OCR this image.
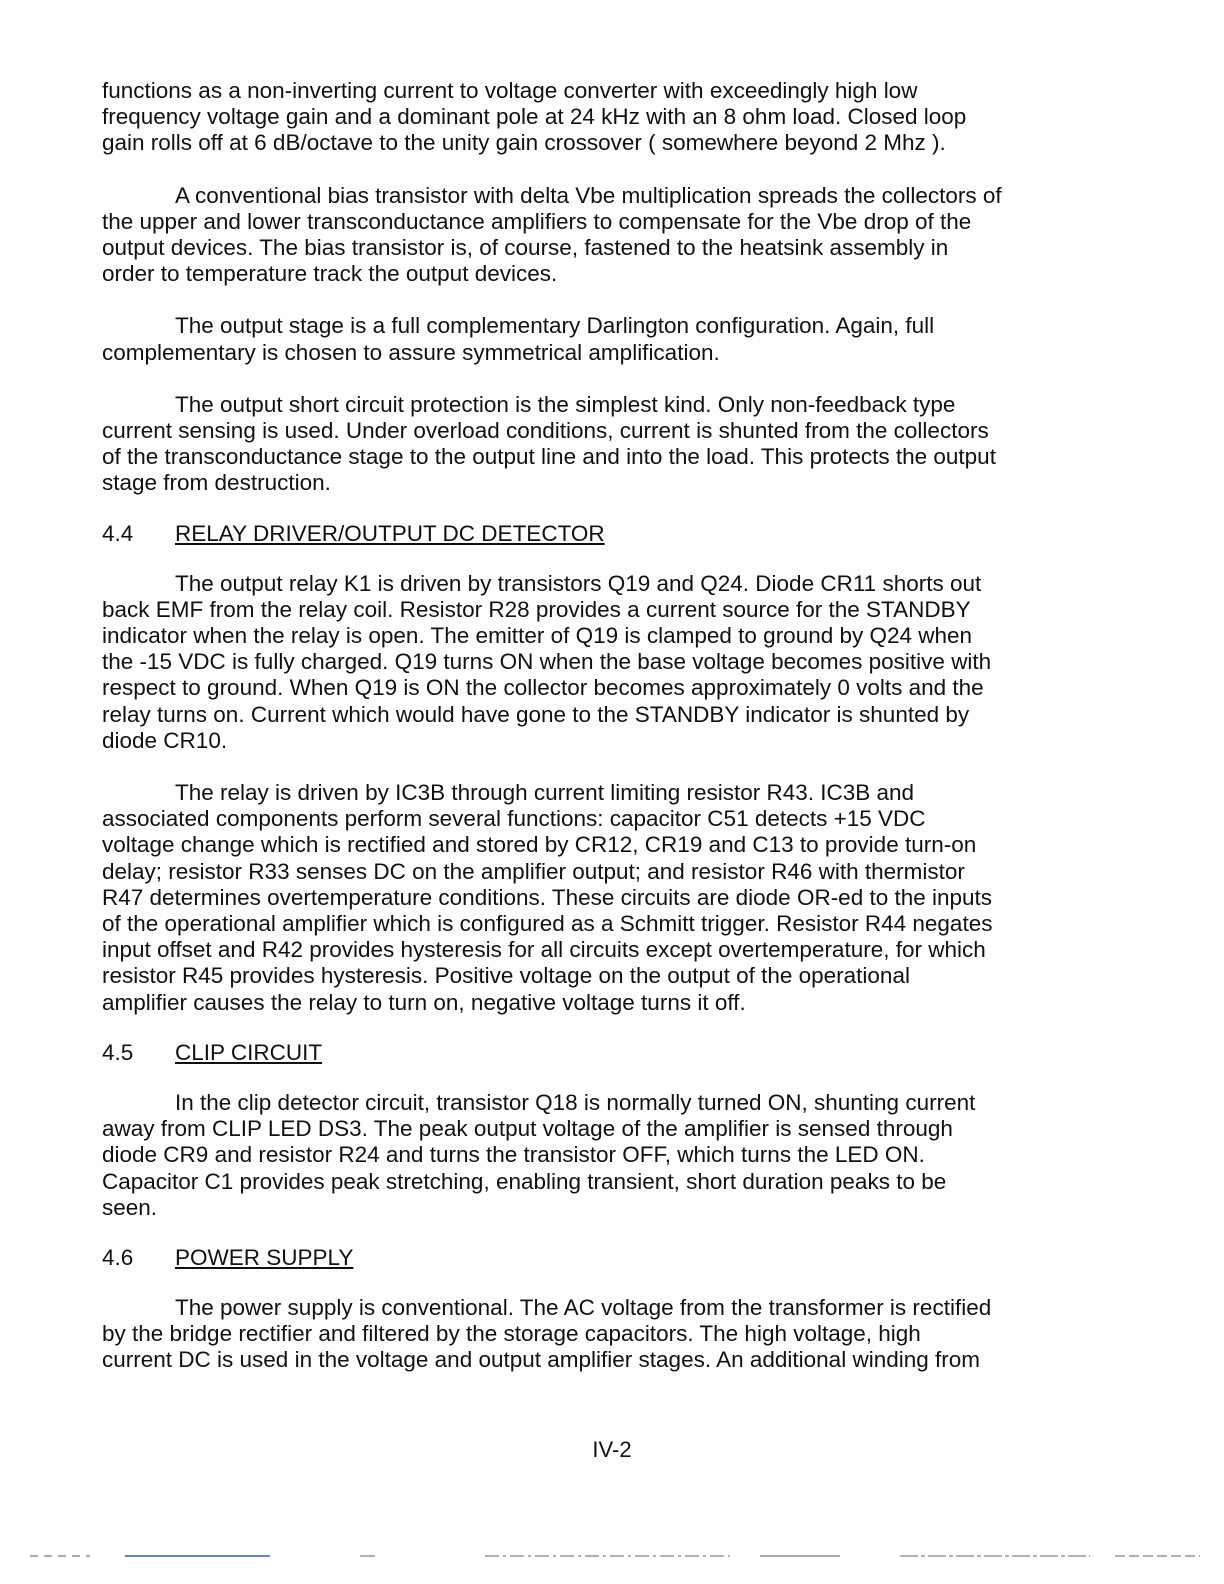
functions as a non-inverting current to voltage converter with exceedingly high low
frequency voltage gain and a dominant pole at 24 kHz with an 8 ohm load. Closed loop
gain rolls off at 6 dB/octave to the unity gain crossover ( somewhere beyond 2 Mhz ).

A conventional bias transistor with delta Vbe multiplication spreads the collectors of
the upper and lower transconductance amplifiers to compensate for the Vbe drop of the
output devices. The bias transistor is, of course, fastened to the heatsink assembly in
order to temperature track the output devices.

The output stage is a full complementary Darlington configuration. Again, full
complementary is chosen to assure symmetrical amplification.

The output short circuit protection is the simplest kind. Only non-feedback type
current sensing is used. Under overload conditions, current is shunted from the collectors
of the transconductance stage to the output line and into the load. This protects the output
stage from destruction.

4.4	RELAY DRIVER/OUTPUT DC DETECTOR

The output relay K1 is driven by transistors Q19 and Q24. Diode CR11 shorts out
back EMF from the relay coil. Resistor R28 provides a current source for the STANDBY
indicator when the relay is open. The emitter of Q19 is clamped to ground by Q24 when
the -15 VDC is fully charged. Q19 turns ON when the base voltage becomes positive with
respect to ground. When Q19 is ON the collector becomes approximately 0 volts and the
relay turns on. Current which would have gone to the STANDBY indicator is shunted by
diode CR10.

The relay is driven by IC3B through current limiting resistor R43. IC3B and
associated components perform several functions: capacitor C51 detects +15 VDC
voltage change which is rectified and stored by CR12, CR19 and C13 to provide turn-on
delay; resistor R33 senses DC on the amplifier output; and resistor R46 with thermistor
R47 determines overtemperature conditions. These circuits are diode OR-ed to the inputs
of the operational amplifier which is configured as a Schmitt trigger. Resistor R44 negates
input offset and R42 provides hysteresis for all circuits except overtemperature, for which
resistor R45 provides hysteresis. Positive voltage on the output of the operational
amplifier causes the relay to turn on, negative voltage turns it off.

4.5	CLIP CIRCUIT

In the clip detector circuit, transistor Q18 is normally turned ON, shunting current
away from CLIP LED DS3. The peak output voltage of the amplifier is sensed through
diode CR9 and resistor R24 and turns the transistor OFF, which turns the LED ON.
Capacitor C1 provides peak stretching, enabling transient, short duration peaks to be
seen.

4.6	POWER SUPPLY

The power supply is conventional. The AC voltage from the transformer is rectified
by the bridge rectifier and filtered by the storage capacitors. The high voltage, high
current DC is used in the voltage and output amplifier stages. An additional winding from

IV-2
